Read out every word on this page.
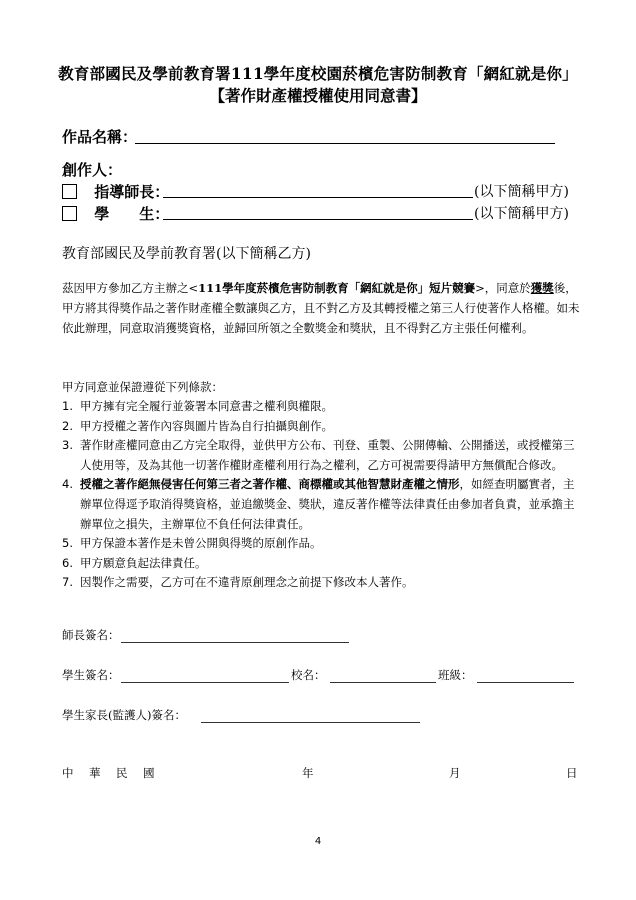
教育部國民及學前教育署111學年度校園菸檳危害防制教育「網紅就是你」
【著作財產權授權使用同意書】
作品名稱：
創作人：
指導師長：	(以下簡稱甲方)
學　　生：	(以下簡稱甲方)
教育部國民及學前教育署(以下簡稱乙方)
茲因甲方參加乙方主辦之<111學年度菸檳危害防制教育「網紅就是你」短片競賽>，同意於獲獎後，甲方將其得獎作品之著作財產權全數讓與乙方，且不對乙方及其轉授權之第三人行使著作人格權。如未依此辦理，同意取消獲獎資格，並歸回所領之全數獎金和獎狀，且不得對乙方主張任何權利。
甲方同意並保證遵從下列條款：
1. 甲方擁有完全履行並簽署本同意書之權利與權限。
2. 甲方授權之著作內容與圖片皆為自行拍攝與創作。
3. 著作財產權同意由乙方完全取得，並供甲方公布、刊登、重製、公開傳輸、公開播送，或授權第三人使用等，及為其他一切著作權財產權利用行為之權利，乙方可視需要得請甲方無償配合修改。
4. 授權之著作絕無侵害任何第三者之著作權、商標權或其他智慧財產權之情形，如經查明屬實者，主辦單位得逕予取消得獎資格，並追繳獎金、獎狀，違反著作權等法律責任由參加者負責，並承擔主辦單位之損失，主辦單位不負任何法律責任。
5. 甲方保證本著作是未曾公開與得獎的原創作品。
6. 甲方願意負起法律責任。
7. 因製作之需要，乙方可在不違背原創理念之前提下修改本人著作。
師長簽名：
學生簽名：	校名：	班級：
學生家長(監護人)簽名：
中　華　民　國	年	月	日
4
